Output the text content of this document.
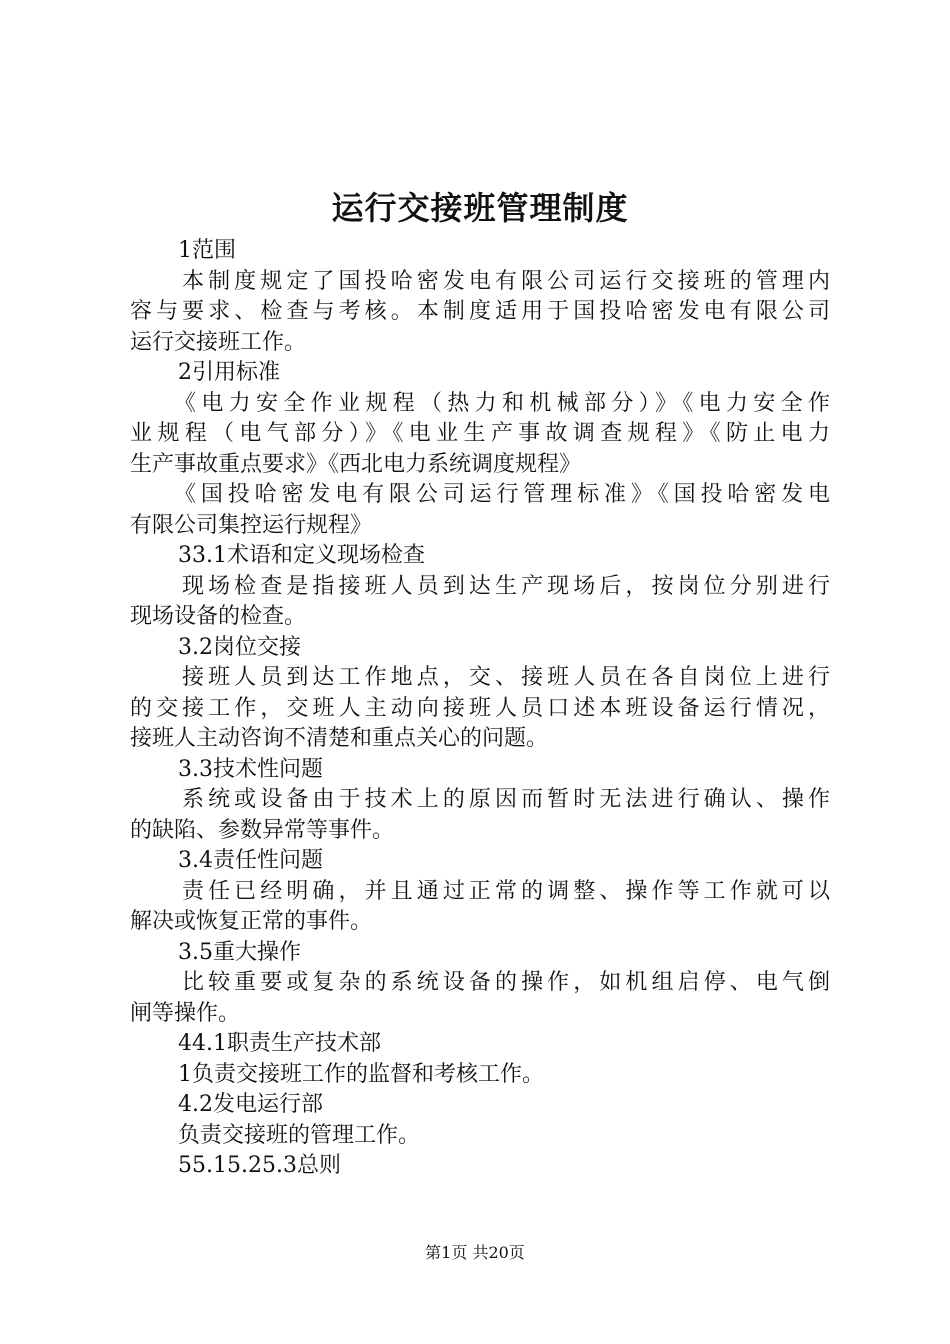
运行交接班管理制度
1范围
本制度规定了国投哈密发电有限公司运行交接班的管理内
容与要求、检查与考核。本制度适用于国投哈密发电有限公司
运行交接班工作。
2引用标准
《电力安全作业规程（热力和机械部分）》《电力安全作
业规程（电气部分）》《电业生产事故调查规程》《防止电力
生产事故重点要求》《西北电力系统调度规程》
《国投哈密发电有限公司运行管理标准》《国投哈密发电
有限公司集控运行规程》
33.1术语和定义现场检查
现场检查是指接班人员到达生产现场后，按岗位分别进行
现场设备的检查。
3.2岗位交接
接班人员到达工作地点，交、接班人员在各自岗位上进行
的交接工作，交班人主动向接班人员口述本班设备运行情况，
接班人主动咨询不清楚和重点关心的问题。
3.3技术性问题
系统或设备由于技术上的原因而暂时无法进行确认、操作
的缺陷、参数异常等事件。
3.4责任性问题
责任已经明确，并且通过正常的调整、操作等工作就可以
解决或恢复正常的事件。
3.5重大操作
比较重要或复杂的系统设备的操作，如机组启停、电气倒
闸等操作。
44.1职责生产技术部
1负责交接班工作的监督和考核工作。
4.2发电运行部
负责交接班的管理工作。
55.15.25.3总则
第1页 共20页
